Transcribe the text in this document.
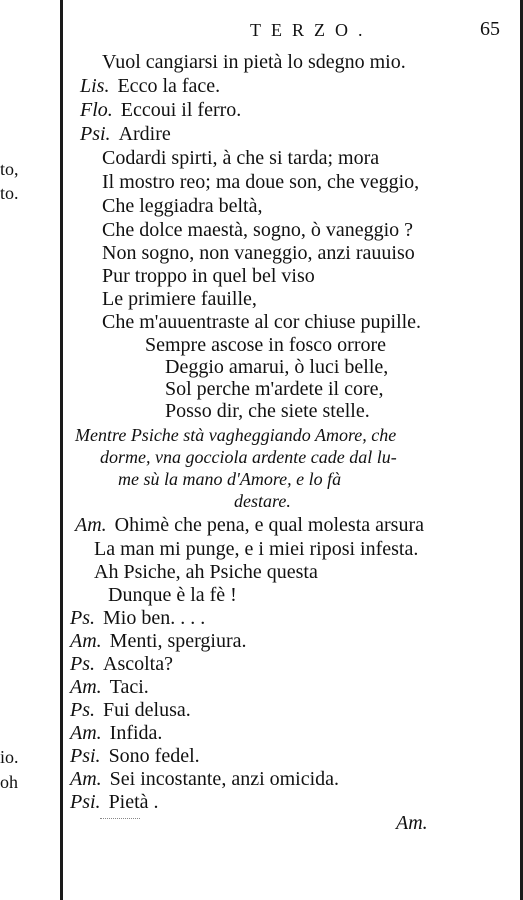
to,
to.
io.
oh
TERZO.	65
Vuol cangiarsi in pietà lo sdegno mio.
Lis. Ecco la face.
Flo. Eccoui il ferro.
Psi. Ardire
Codardi spirti, à che si tarda; mora
Il mostro reo; ma doue son, che veggio,
Che leggiadra beltà,
Che dolce maestà, sogno, ò vaneggio ?
Non sogno, non vaneggio, anzi rauuiso
Pur troppo in quel bel viso
Le primiere fauille,
Che m'auuentraste al cor chiuse pupille.
Sempre ascose in fosco orrore
Deggio amarui, ò luci belle,
Sol perche m'ardete il core,
Posso dir, che siete stelle.
Mentre Psiche stà vagheggiando Amore, che
dorme, vna gocciola ardente cade dal lu-
me sù la mano d'Amore, e lo fà
destare.
Am. Ohimè che pena, e qual molesta arsura
La man mi punge, e i miei riposi infesta.
Ah Psiche, ah Psiche questa
Dunque è la fè !
Ps. Mio ben. . . .
Am. Menti, spergiura.
Ps. Ascolta?
Am. Taci.
Ps. Fui delusa.
Am. Infida.
Psi. Sono fedel.
Am. Sei incostante, anzi omicida.
Psi. Pietà .
Am.
